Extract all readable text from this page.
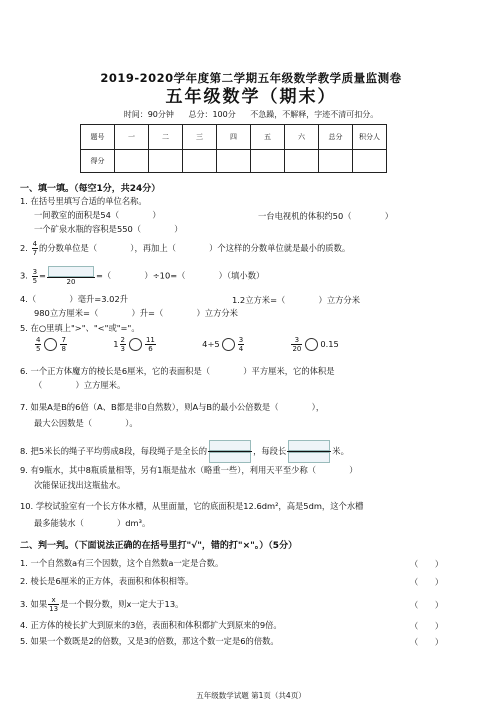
2019-2020学年度第二学期五年级数学教学质量监测卷
五年级数学（期末）
时间：90分钟 总分：100分 不急躁，不解释，字迹不清可扣分。
题号	一	二	三	四	五	六	总分	积分人
得分								
一、填一填。（每空1分，共24分）
1. 在括号里填写合适的单位名称。
一间教室的面积是54（　　　　）	一台电视机的体积约50（　　　　）
一个矿泉水瓶的容积是550（　　　　）
2. $\frac{4}{7}$ 的分数单位是（　　　　），再加上（　　　　）个这样的分数单位就是最小的质数。
3. $\frac{3}{5}$ =
20
=（　　　　）÷10=（　　　　）（填小数）
4.（　　　　）毫升=3.02升	1.2立方米=（　　　　）立方分米
980立方厘米=（　　　　）升=（　　　　）立方分米
5. 在○里填上">"、"<"或"="。
$\frac{4}{5}$	$\frac{7}{8}$	$1 \frac{2}{3}$	$\frac{11}{6}$	4÷5	$\frac{3}{4}$
	$\frac{3}{20} 0.15$
6. 一个正方体魔方的棱长是6厘米，它的表面积是（　　　　）平方厘米，它的体积是
（　　　　）立方厘米。
7. 如果A是B的6倍（A、B都是非0自然数），则A与B的最小公倍数是（　　　　），
最大公因数是（　　　　）。
8. 把5米长的绳子平均剪成8段，每段绳子是全长的	，每段长	米。
9. 有9瓶水，其中8瓶质量相等，另有1瓶是盐水（略重一些），利用天平至少称（　　　　）
次能保证找出这瓶盐水。
10. 学校试验室有一个长方体水槽，从里面量，它的底面积是12.6dm²，高是5dm，这个水槽
最多能装水（　　　　）dm³。
二、判一判。（下面说法正确的在括号里打"√"，错的打"×"。）（5分）
1. 一个自然数a有三个因数，这个自然数a一定是合数。	（　　）
2. 棱长是6厘米的正方体，表面积和体积相等。	（　　）
3. 如果 $\frac{x}{13}$ 是一个假分数，则x一定大于13。	（　　）
4. 正方体的棱长扩大到原来的3倍，表面积和体积都扩大到原来的9倍。	（　　）
5. 如果一个数既是2的倍数，又是3的倍数，那这个数一定是6的倍数。	（　　）
五年级数学试题 第1页（共4页）
